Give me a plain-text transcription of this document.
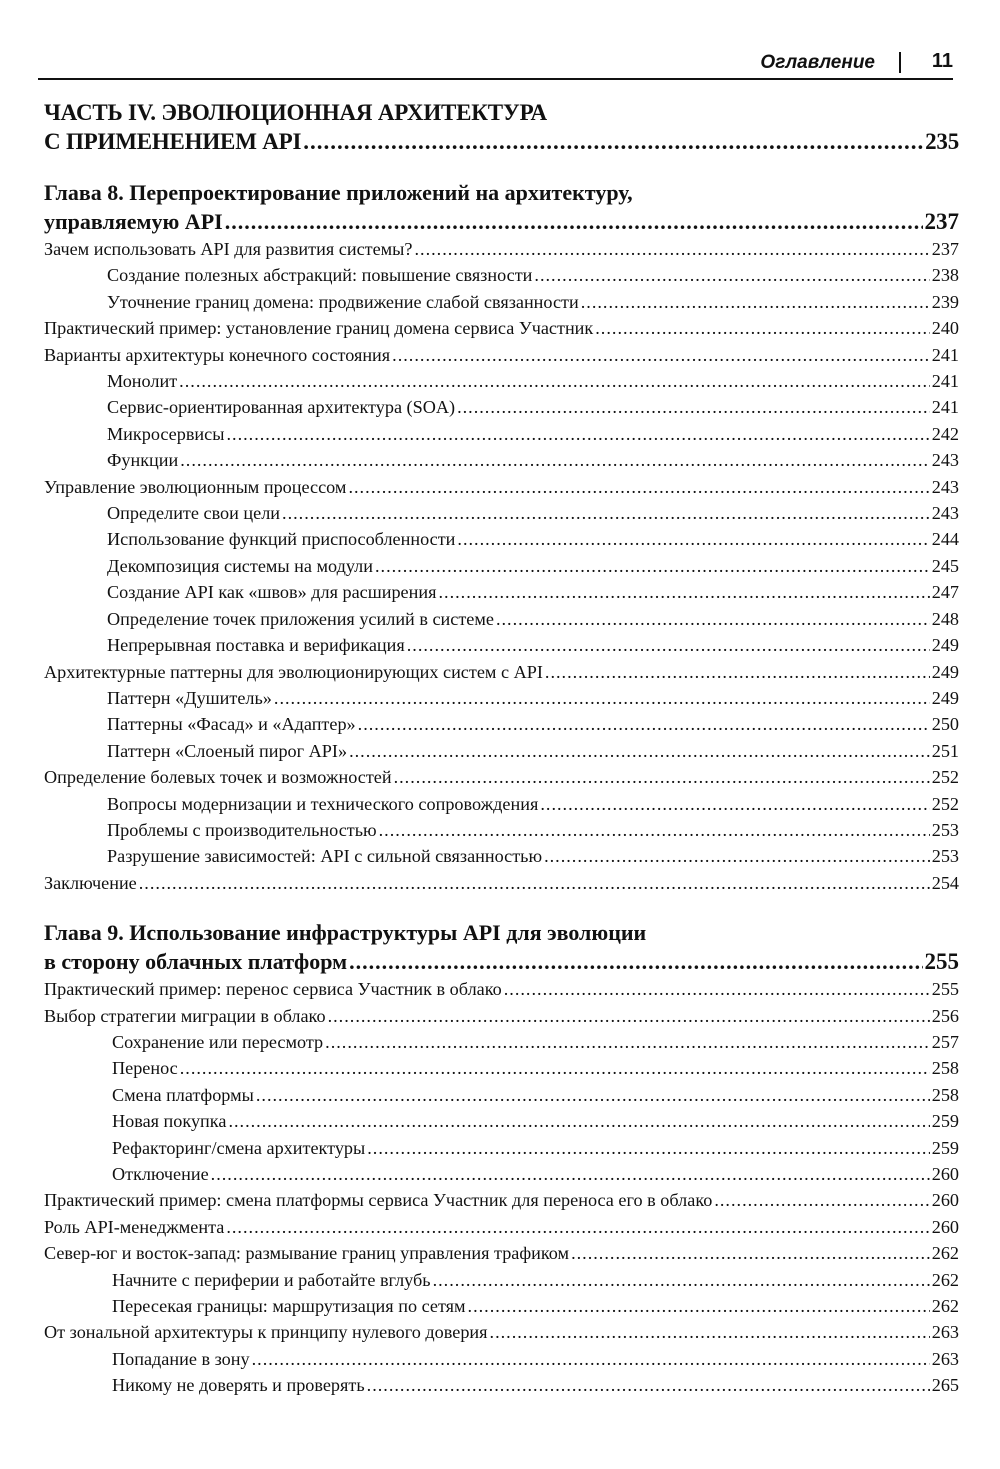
Оглавление	11
ЧАСТЬ IV. ЭВОЛЮЦИОННАЯ АРХИТЕКТУРА
С ПРИМЕНЕНИЕМ API .....	235
Глава 8. Перепроектирование приложений на архитектуру,
управляемую API .....	237
Зачем использовать API для развития системы? .....	237
Создание полезных абстракций: повышение связности .....	238
Уточнение границ домена: продвижение слабой связанности .....	239
Практический пример: установление границ домена сервиса Участник .....	240
Варианты архитектуры конечного состояния .....	241
Монолит .....	241
Сервис-ориентированная архитектура (SOA) .....	241
Микросервисы .....	242
Функции .....	243
Управление эволюционным процессом .....	243
Определите свои цели .....	243
Использование функций приспособленности .....	244
Декомпозиция системы на модули .....	245
Создание API как «швов» для расширения .....	247
Определение точек приложения усилий в системе .....	248
Непрерывная поставка и верификация .....	249
Архитектурные паттерны для эволюционирующих систем с API .....	249
Паттерн «Душитель» .....	249
Паттерны «Фасад» и «Адаптер» .....	250
Паттерн «Слоеный пирог API» .....	251
Определение болевых точек и возможностей .....	252
Вопросы модернизации и технического сопровождения .....	252
Проблемы с производительностью .....	253
Разрушение зависимостей: API с сильной связанностью .....	253
Заключение .....	254
Глава 9. Использование инфраструктуры API для эволюции
в сторону облачных платформ .....	255
Практический пример: перенос сервиса Участник в облако .....	255
Выбор стратегии миграции в облако .....	256
Сохранение или пересмотр .....	257
Перенос .....	258
Смена платформы .....	258
Новая покупка .....	259
Рефакторинг/смена архитектуры .....	259
Отключение .....	260
Практический пример: смена платформы сервиса Участник для переноса его в облако .....	260
Роль API-менеджмента .....	260
Север-юг и восток-запад: размывание границ управления трафиком .....	262
Начните с периферии и работайте вглубь .....	262
Пересекая границы: маршрутизация по сетям .....	262
От зональной архитектуры к принципу нулевого доверия .....	263
Попадание в зону .....	263
Никому не доверять и проверять .....	265
